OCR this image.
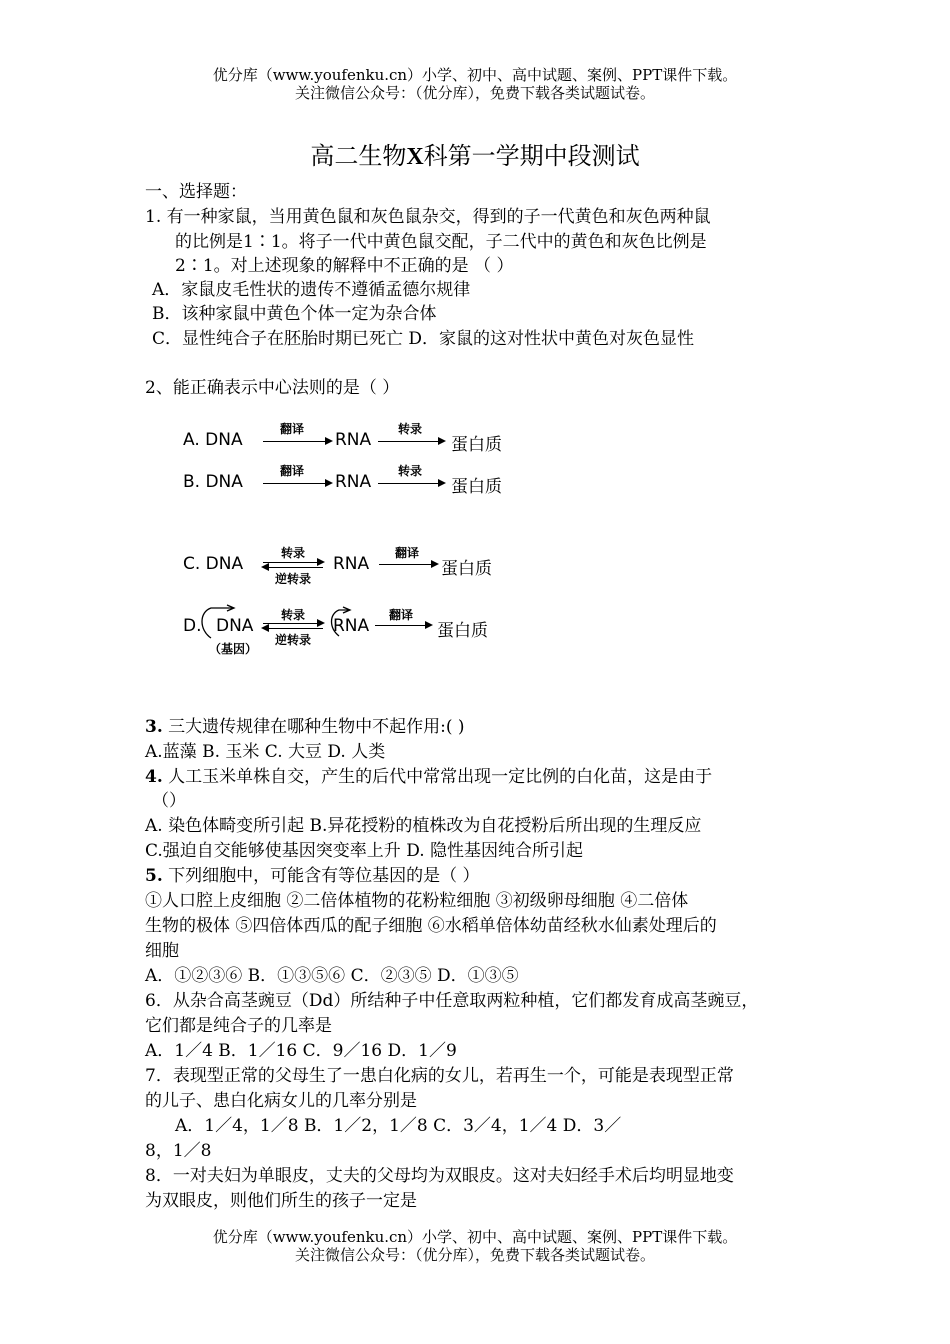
优分库（www.youfenku.cn）小学、初中、高中试题、案例、PPT课件下载。
关注微信公众号：（优分库），免费下载各类试题试卷。
高二生物X科第一学期中段测试
一、选择题：
1. 有一种家鼠，当用黄色鼠和灰色鼠杂交，得到的子一代黄色和灰色两种鼠
的比例是1∶1。将子一代中黄色鼠交配，子二代中的黄色和灰色比例是
2∶1。对上述现象的解释中不正确的是 （ ）
A．家鼠皮毛性状的遗传不遵循孟德尔规律
B．该种家鼠中黄色个体一定为杂合体
C．显性纯合子在胚胎时期已死亡 D．家鼠的这对性状中黄色对灰色显性
2、能正确表示中心法则的是（ ）
3. 三大遗传规律在哪种生物中不起作用:( )
A.蓝藻 B. 玉米 C. 大豆 D. 人类
4. 人工玉米单株自交，产生的后代中常常出现一定比例的白化苗，这是由于
（）
A. 染色体畸变所引起 B.异花授粉的植株改为自花授粉后所出现的生理反应
C.强迫自交能够使基因突变率上升 D. 隐性基因纯合所引起
5. 下列细胞中，可能含有等位基因的是（ ）
①人口腔上皮细胞 ②二倍体植物的花粉粒细胞 ③初级卵母细胞 ④二倍体
生物的极体 ⑤四倍体西瓜的配子细胞 ⑥水稻单倍体幼苗经秋水仙素处理后的
细胞
A．①②③⑥ B．①③⑤⑥ C．②③⑤ D．①③⑤
6．从杂合高茎豌豆（Dd）所结种子中任意取两粒种植，它们都发育成高茎豌豆，
它们都是纯合子的几率是
A．1／4 B．1／16 C．9／16 D．1／9
7．表现型正常的父母生了一患白化病的女儿，若再生一个，可能是表现型正常
的儿子、患白化病女儿的几率分别是
A．1／4，1／8 B．1／2，1／8 C．3／4，1／4 D．3／
8，1／8
8．一对夫妇为单眼皮，丈夫的父母均为双眼皮。这对夫妇经手术后均明显地变
为双眼皮，则他们所生的孩子一定是
A. DNA
翻译
RNA
转录
蛋白质
B. DNA
翻译
RNA
转录
蛋白质
C. DNA
转录
逆转录
RNA
翻译
蛋白质
D. DNA
（基因）
转录
逆转录
RNA
翻译
蛋白质
优分库（www.youfenku.cn）小学、初中、高中试题、案例、PPT课件下载。
关注微信公众号：（优分库），免费下载各类试题试卷。
